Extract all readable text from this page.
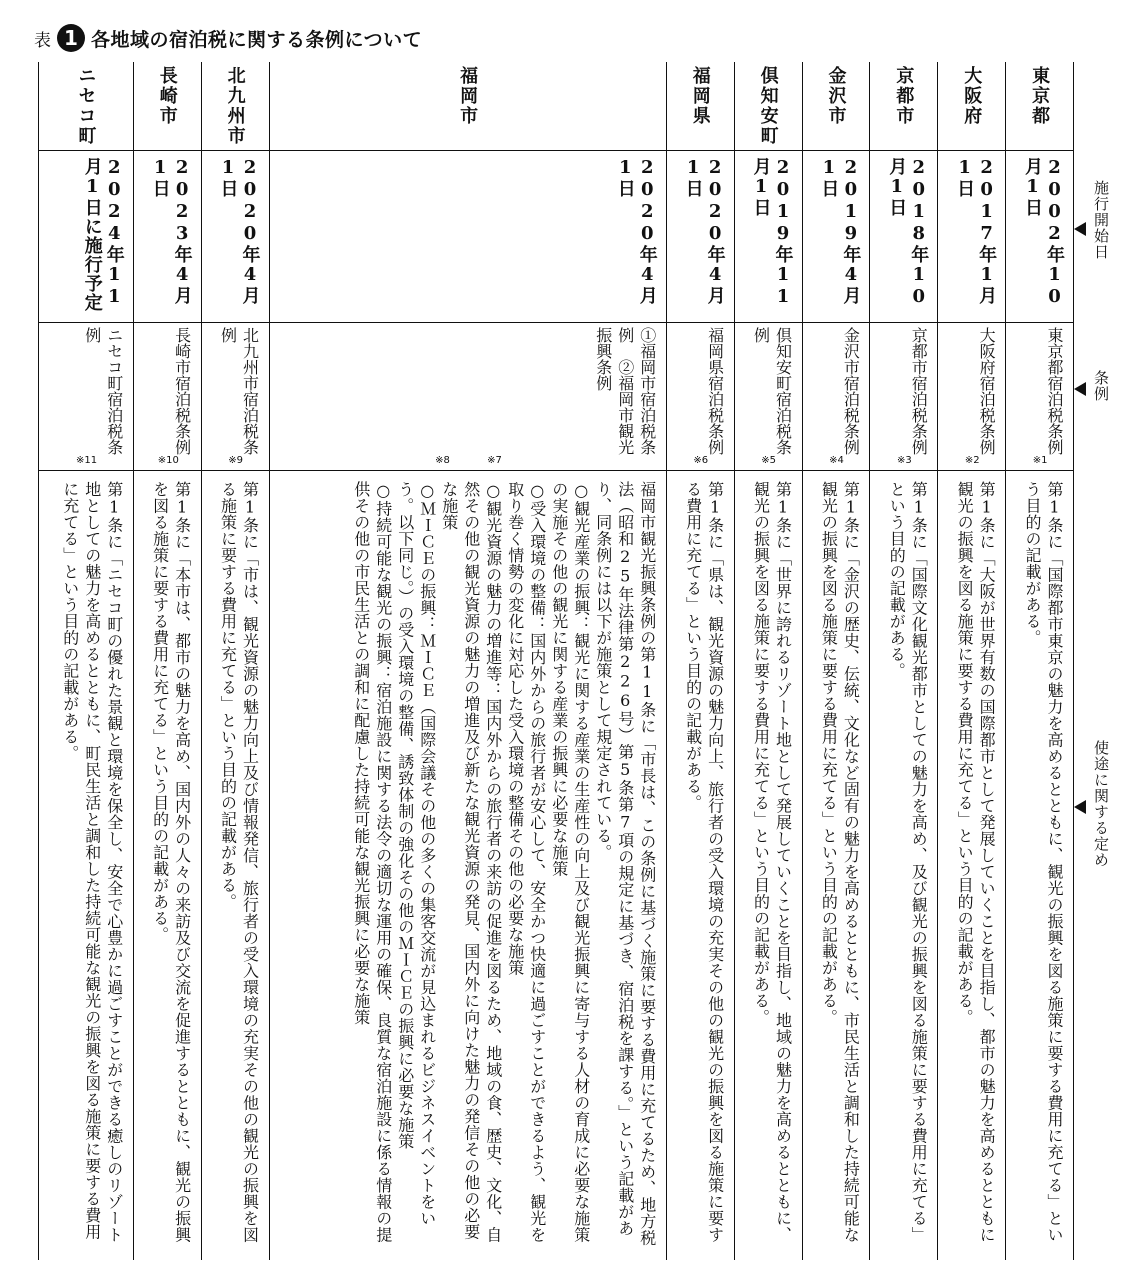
表 1 各地域の宿泊税に関する条例について
東京都
2002年10月1日
東京都宿泊税条例
※1

第1条に「国際都市東京の魅力を高めるとともに、観光の振興を図る施策に要する費用に充てる」という目的の記載がある。

大阪府
2017年1月1日
大阪府宿泊税条例
※2

第1条に「大阪が世界有数の国際都市として発展していくことを目指し、都市の魅力を高めるとともに観光の振興を図る施策に要する費用に充てる」という目的の記載がある。

京都市
2018年10月1日
京都市宿泊税条例
※3

第1条に「国際文化観光都市としての魅力を高め、及び観光の振興を図る施策に要する費用に充てる」という目的の記載がある。

金沢市
2019年4月1日
金沢市宿泊税条例
※4

第1条に「金沢の歴史、伝統、文化など固有の魅力を高めるとともに、市民生活と調和した持続可能な観光の振興を図る施策に要する費用に充てる」という目的の記載がある。

倶知安町
2019年11月1日
倶知安町宿泊税条例
※5

第1条に「世界に誇れるリゾート地として発展していくことを目指し、地域の魅力を高めるとともに、観光の振興を図る施策に要する費用に充てる」という目的の記載がある。

福岡県
2020年4月1日
福岡県宿泊税条例
※6

第1条に「県は、観光資源の魅力向上、旅行者の受入環境の充実その他の観光の振興を図る施策に要する費用に充てる」という目的の記載がある。

福岡市
2020年4月1日
①福岡市宿泊税条例　②福岡市観光振興条例
※7
※8

福岡市観光振興条例の第11条に「市長は、この条例に基づく施策に要する費用に充てるため、地方税法（昭和25年法律第226号）第5条第7項の規定に基づき、宿泊税を課する。」という記載があり、同条例には以下が施策として規定されている。

○観光産業の振興：観光に関する産業の生産性の向上及び観光振興に寄与する人材の育成に必要な施策の実施その他の観光に関する産業の振興に必要な施策

○受入環境の整備：国内外からの旅行者が安心して、安全かつ快適に過ごすことができるよう、観光を取り巻く情勢の変化に対応した受入環境の整備その他の必要な施策

○観光資源の魅力の増進等：国内外からの旅行者の来訪の促進を図るため、地域の食、歴史、文化、自然その他の観光資源の魅力の増進及び新たな観光資源の発見、国内外に向けた魅力の発信その他の必要な施策

○ＭＩＣＥの振興：ＭＩＣＥ（国際会議その他の多くの集客交流が見込まれるビジネスイベントをいう。以下同じ。）の受入環境の整備、誘致体制の強化その他のＭＩＣＥの振興に必要な施策

○持続可能な観光の振興：宿泊施設に関する法令の適切な運用の確保、良質な宿泊施設に係る情報の提供その他の市民生活との調和に配慮した持続可能な観光振興に必要な施策

北九州市
2020年4月1日
北九州市宿泊税条例
※9

第1条に「市は、観光資源の魅力向上及び情報発信、旅行者の受入環境の充実その他の観光の振興を図る施策に要する費用に充てる」という目的の記載がある。

長崎市
2023年4月1日
長崎市宿泊税条例
※10

第1条に「本市は、都市の魅力を高め、国内外の人々の来訪及び交流を促進するとともに、観光の振興を図る施策に要する費用に充てる」という目的の記載がある。

ニセコ町
2024年11月1日に施行予定
ニセコ町宿泊税条例
※11

第1条に「ニセコ町の優れた景観と環境を保全し、安全で心豊かに過ごすことができる癒しのリゾート地としての魅力を高めるとともに、町民生活と調和した持続可能な観光の振興を図る施策に要する費用に充てる」という目的の記載がある。

施行開始日
条例
使途に関する定め
